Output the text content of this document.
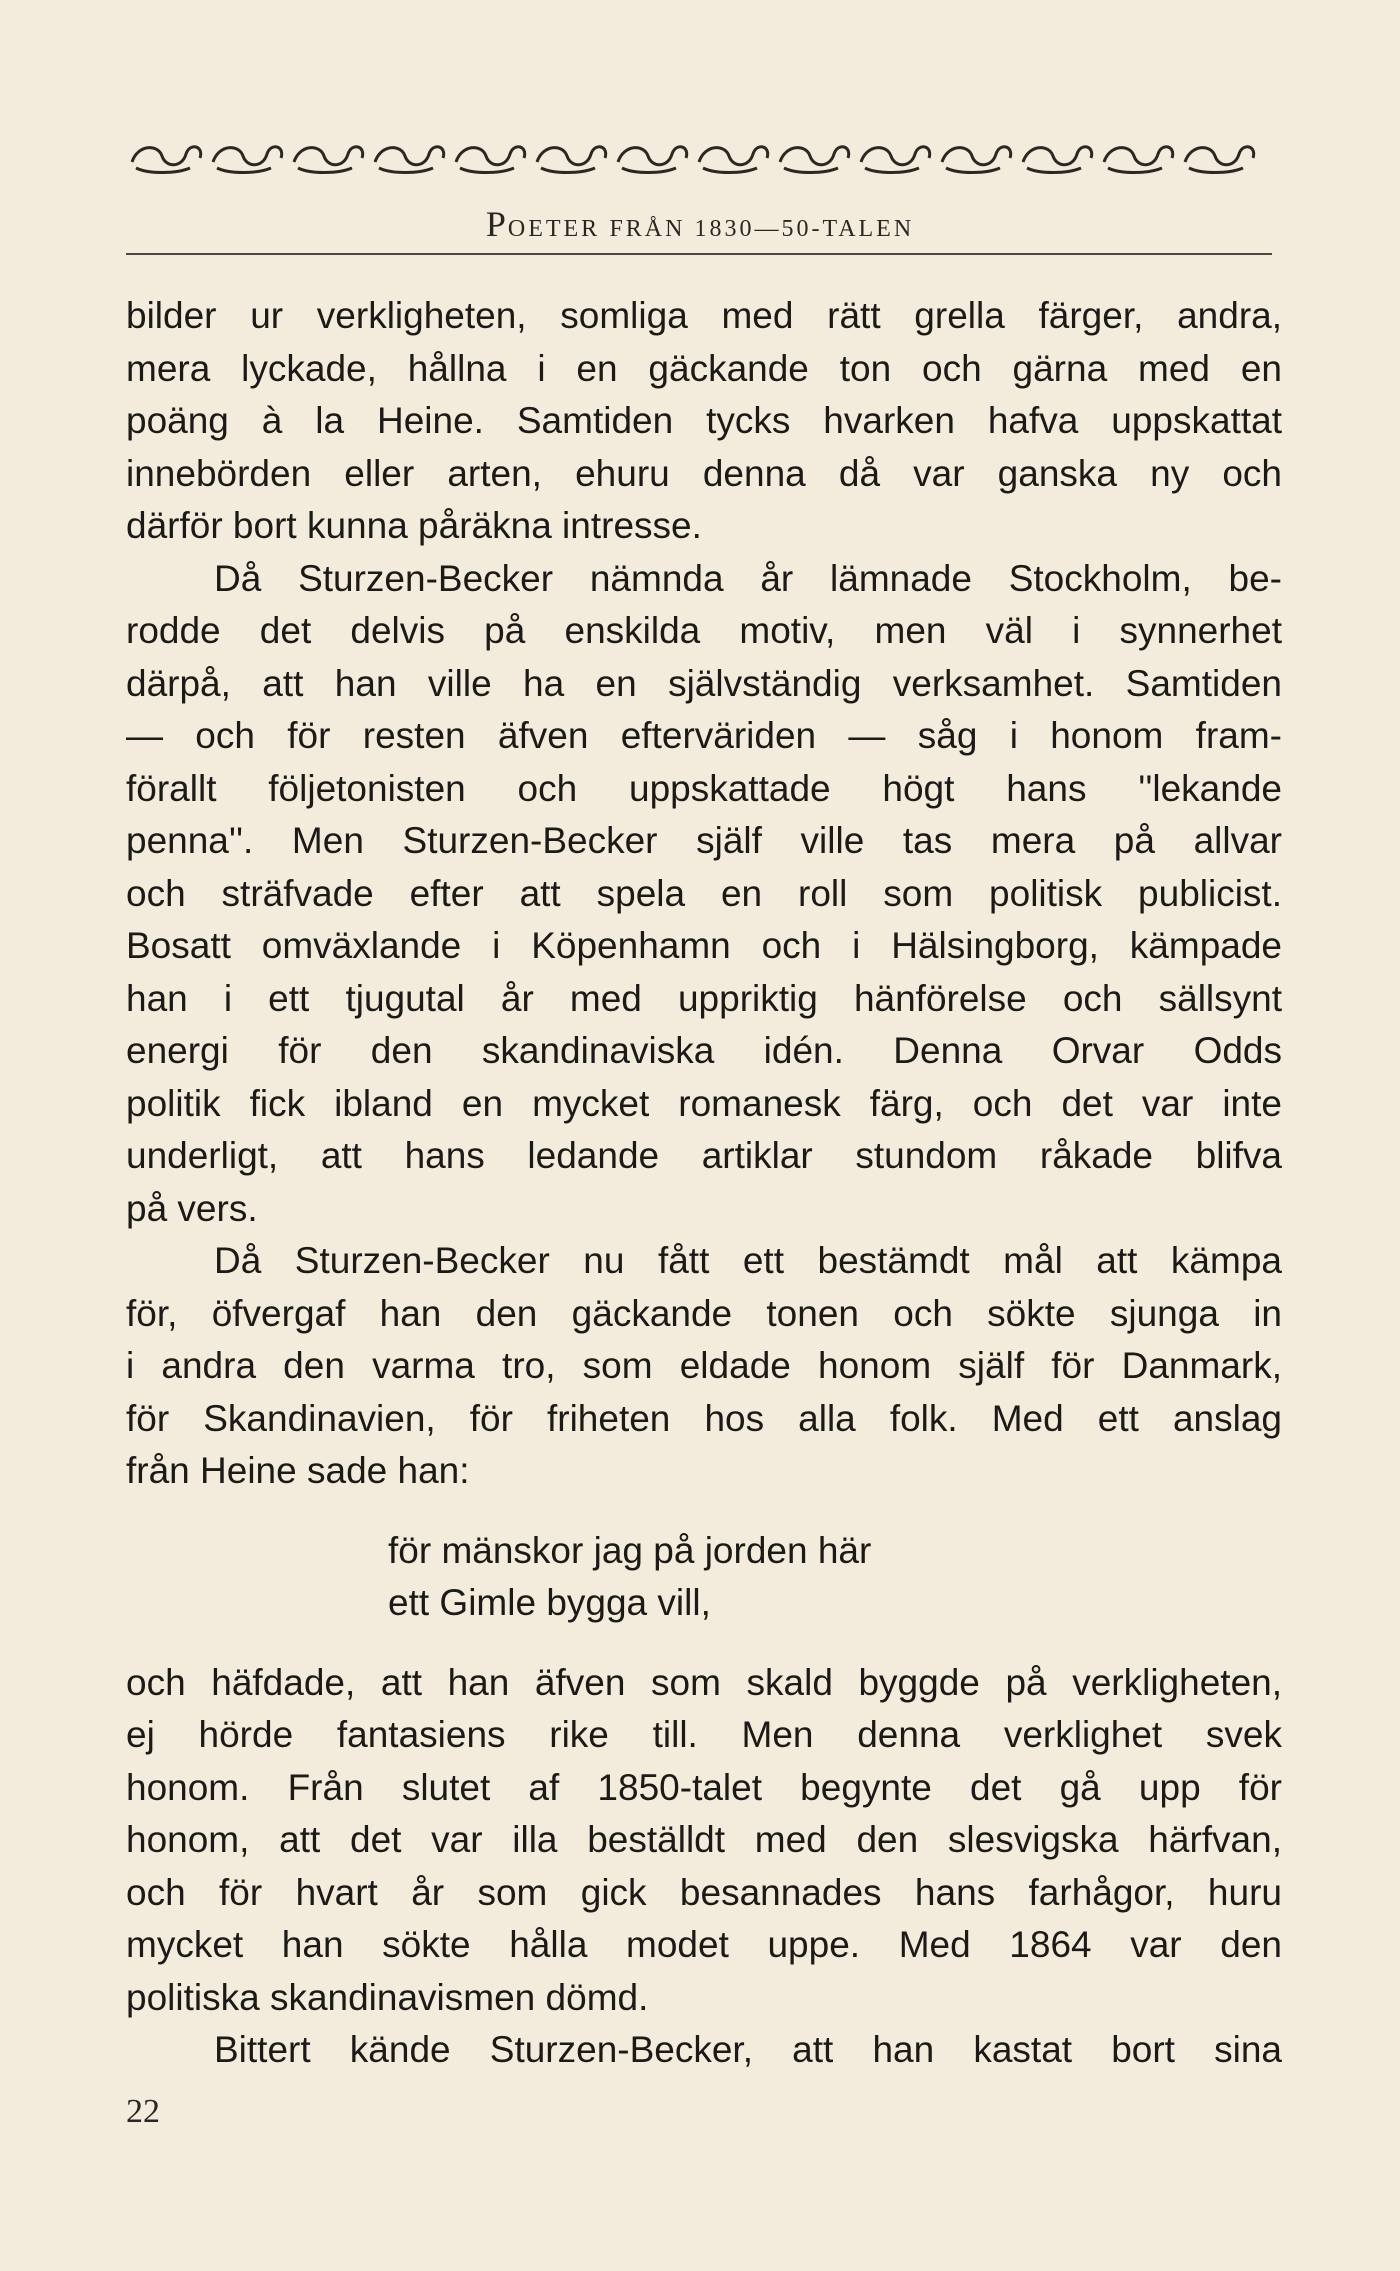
POETER FRÅN 1830—50-TALEN
bilder ur verkligheten, somliga med rätt grella färger, andra,
mera lyckade, hållna i en gäckande ton och gärna med en
poäng à la Heine. Samtiden tycks hvarken hafva uppskattat
innebörden eller arten, ehuru denna då var ganska ny och
därför bort kunna påräkna intresse.
Då Sturzen-Becker nämnda år lämnade Stockholm, be-
rodde det delvis på enskilda motiv, men väl i synnerhet
därpå, att han ville ha en självständig verksamhet. Samtiden
— och för resten äfven efterväriden — såg i honom fram-
förallt följetonisten och uppskattade högt hans ''lekande
penna''. Men Sturzen-Becker själf ville tas mera på allvar
och sträfvade efter att spela en roll som politisk publicist.
Bosatt omväxlande i Köpenhamn och i Hälsingborg, kämpade
han i ett tjugutal år med uppriktig hänförelse och sällsynt
energi för den skandinaviska idén. Denna Orvar Odds
politik fick ibland en mycket romanesk färg, och det var inte
underligt, att hans ledande artiklar stundom råkade blifva
på vers.
Då Sturzen-Becker nu fått ett bestämdt mål att kämpa
för, öfvergaf han den gäckande tonen och sökte sjunga in
i andra den varma tro, som eldade honom själf för Danmark,
för Skandinavien, för friheten hos alla folk. Med ett anslag
från Heine sade han:
för mänskor jag på jorden här
ett Gimle bygga vill,
och häfdade, att han äfven som skald byggde på verkligheten,
ej hörde fantasiens rike till. Men denna verklighet svek
honom. Från slutet af 1850-talet begynte det gå upp för
honom, att det var illa beställdt med den slesvigska härfvan,
och för hvart år som gick besannades hans farhågor, huru
mycket han sökte hålla modet uppe. Med 1864 var den
politiska skandinavismen dömd.
Bittert kände Sturzen-Becker, att han kastat bort sina
22
